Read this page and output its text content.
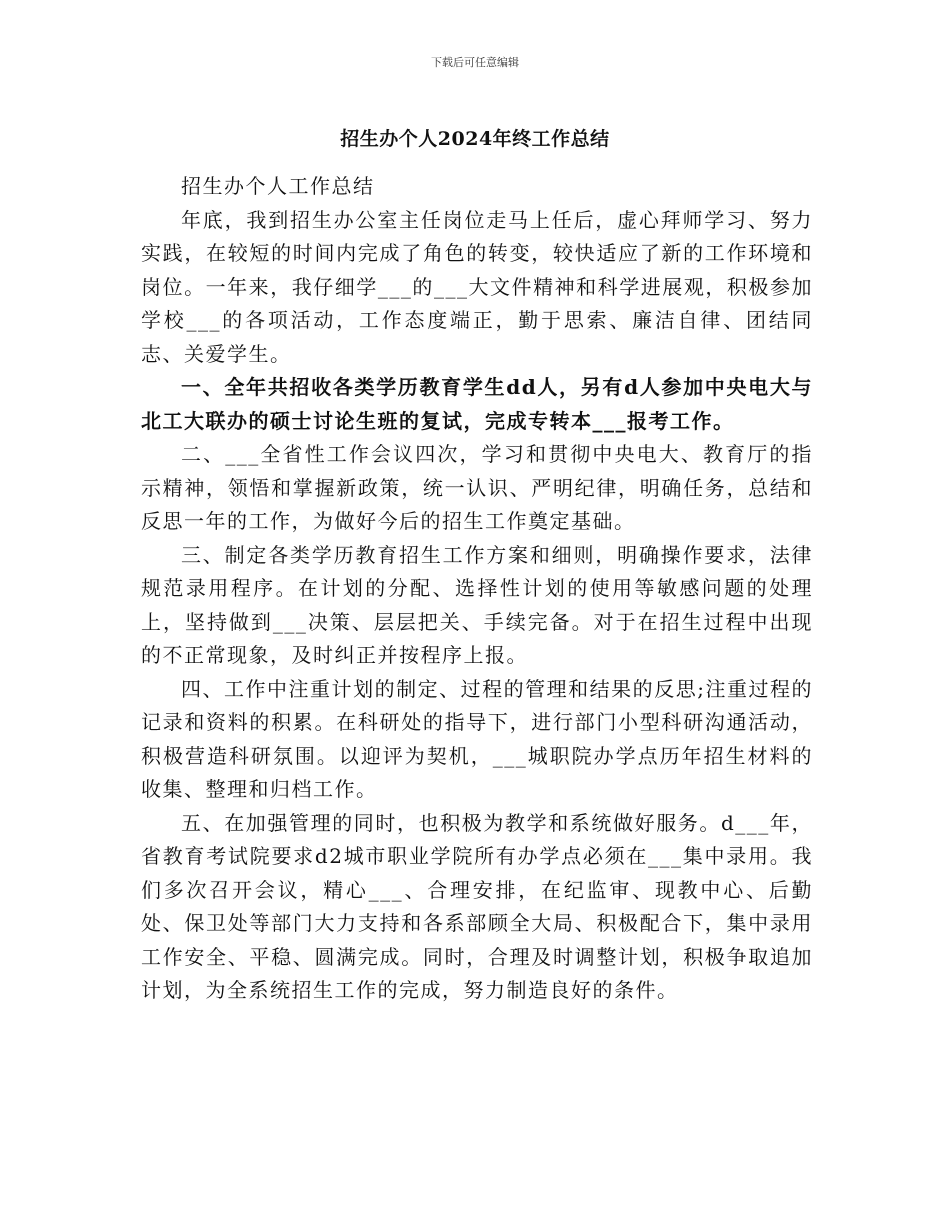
下载后可任意编辑
招生办个人2024年终工作总结

招生办个人工作总结

年底，我到招生办公室主任岗位走马上任后，虚心拜师学习、努力实践，在较短的时间内完成了角色的转变，较快适应了新的工作环境和岗位。一年来，我仔细学___的___大文件精神和科学进展观，积极参加学校___的各项活动，工作态度端正，勤于思索、廉洁自律、团结同志、关爱学生。

一、全年共招收各类学历教育学生dd人，另有d人参加中央电大与北工大联办的硕士讨论生班的复试，完成专转本___报考工作。

二、___全省性工作会议四次，学习和贯彻中央电大、教育厅的指示精神，领悟和掌握新政策，统一认识、严明纪律，明确任务，总结和反思一年的工作，为做好今后的招生工作奠定基础。

三、制定各类学历教育招生工作方案和细则，明确操作要求，法律规范录用程序。在计划的分配、选择性计划的使用等敏感问题的处理上，坚持做到___决策、层层把关、手续完备。对于在招生过程中出现的不正常现象，及时纠正并按程序上报。

四、工作中注重计划的制定、过程的管理和结果的反思;注重过程的记录和资料的积累。在科研处的指导下，进行部门小型科研沟通活动，积极营造科研氛围。以迎评为契机，___城职院办学点历年招生材料的收集、整理和归档工作。

五、在加强管理的同时，也积极为教学和系统做好服务。d___年，省教育考试院要求d2城市职业学院所有办学点必须在___集中录用。我们多次召开会议，精心___、合理安排，在纪监审、现教中心、后勤处、保卫处等部门大力支持和各系部顾全大局、积极配合下，集中录用工作安全、平稳、圆满完成。同时，合理及时调整计划，积极争取追加计划，为全系统招生工作的完成，努力制造良好的条件。
